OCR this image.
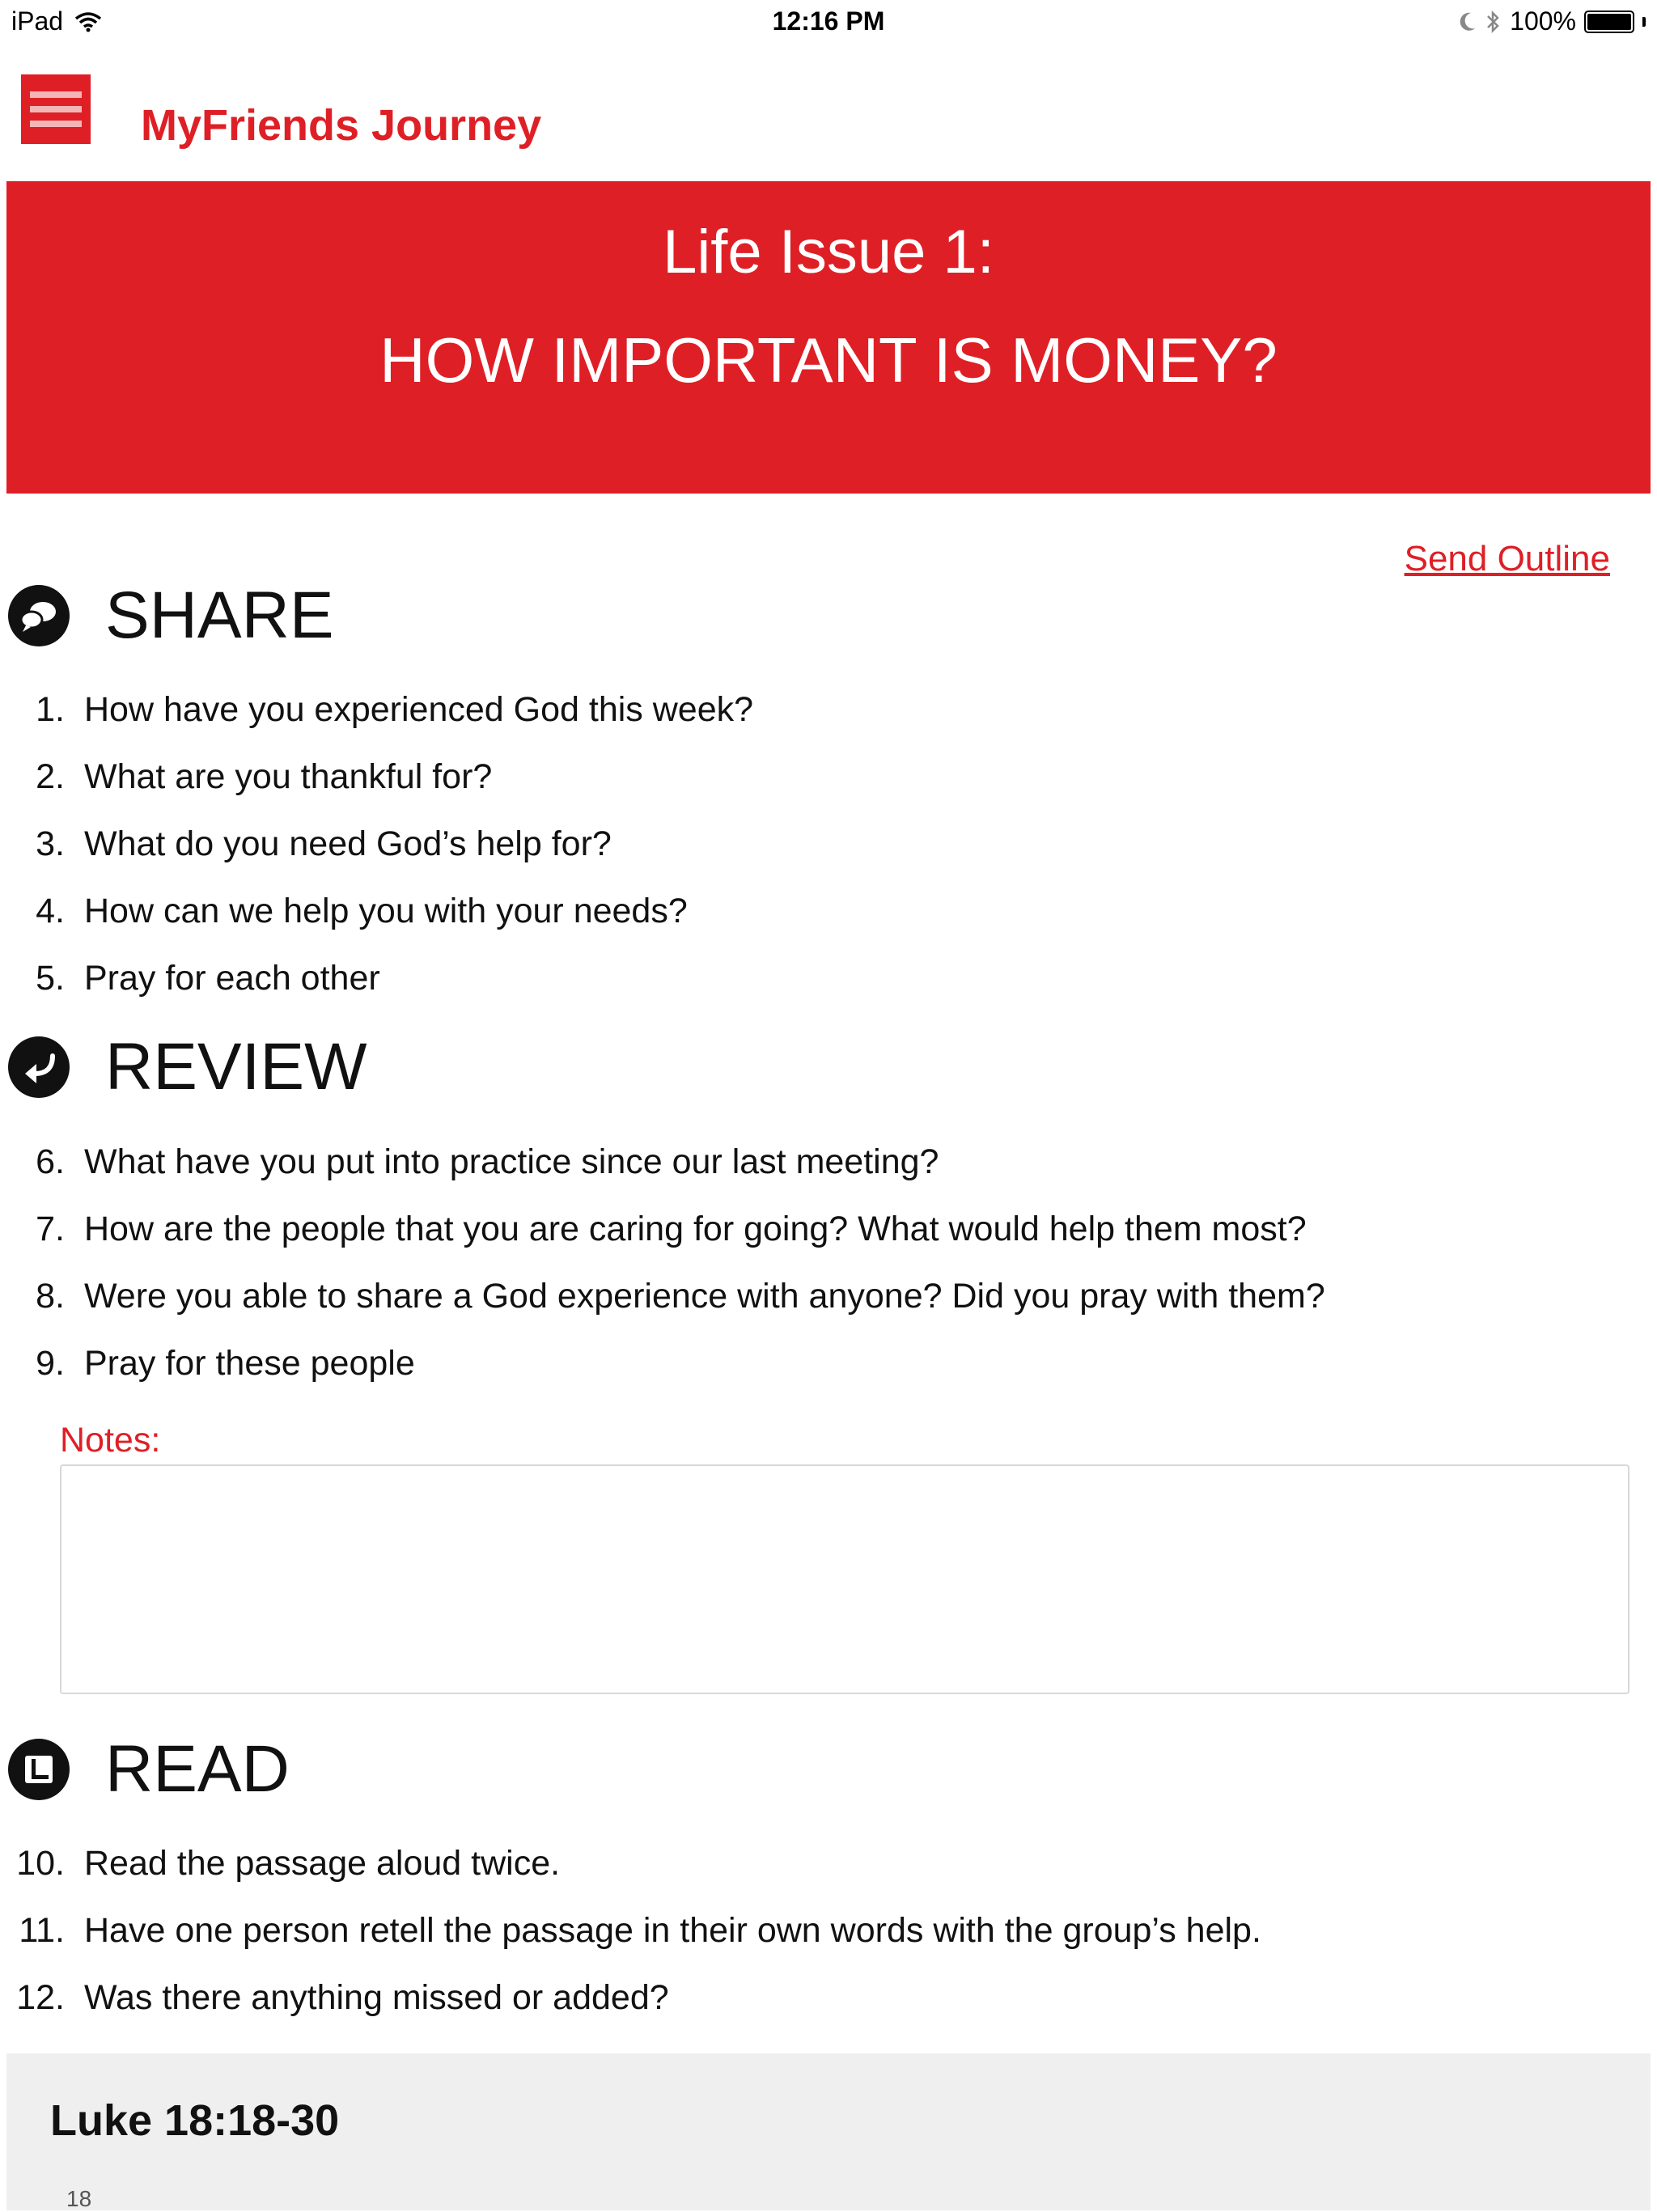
iPad	12:16 PM	100%
MyFriends Journey
Life Issue 1:
HOW IMPORTANT IS MONEY?
Send Outline
SHARE
1. How have you experienced God this week?
2. What are you thankful for?
3. What do you need God’s help for?
4. How can we help you with your needs?
5. Pray for each other
REVIEW
6. What have you put into practice since our last meeting?
7. How are the people that you are caring for going? What would help them most?
8. Were you able to share a God experience with anyone? Did you pray with them?
9. Pray for these people
Notes:
READ
10. Read the passage aloud twice.
11. Have one person retell the passage in their own words with the group’s help.
12. Was there anything missed or added?
Luke 18:18-30
18
